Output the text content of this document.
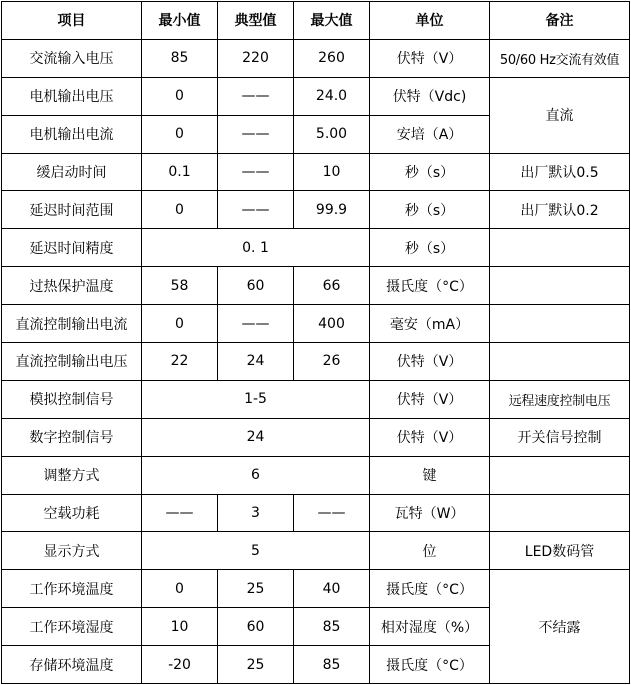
项目	最小值	典型值	最大值	单位	备注
交流输入电压	85	220	260	伏特（V）	50/60 Hz交流有效值
电机输出电压	0	——	24.0	伏特（Vdc)	直流
电机输出电流	0	——	5.00	安培（A）	
缓启动时间	0.1	——	10	秒（s）	出厂默认0.5
延迟时间范围	0	——	99.9	秒（s）	出厂默认0.2
延迟时间精度	0. 1			秒（s）	
过热保护温度	58	60	66	摄氏度（°C）	
直流控制输出电流	0	——	400	毫安（mA）	
直流控制输出电压	22	24	26	伏特（V）	
模拟控制信号	1-5			伏特（V）	远程速度控制电压
数字控制信号	24			伏特（V）	开关信号控制
调整方式	6			键	
空载功耗	——	3	——	瓦特（W）	
显示方式	5			位	LED数码管
工作环境温度	0	25	40	摄氏度（°C）	不结露
工作环境湿度	10	60	85	相对湿度（%）	
存储环境温度	-20	25	85	摄氏度（°C）	
